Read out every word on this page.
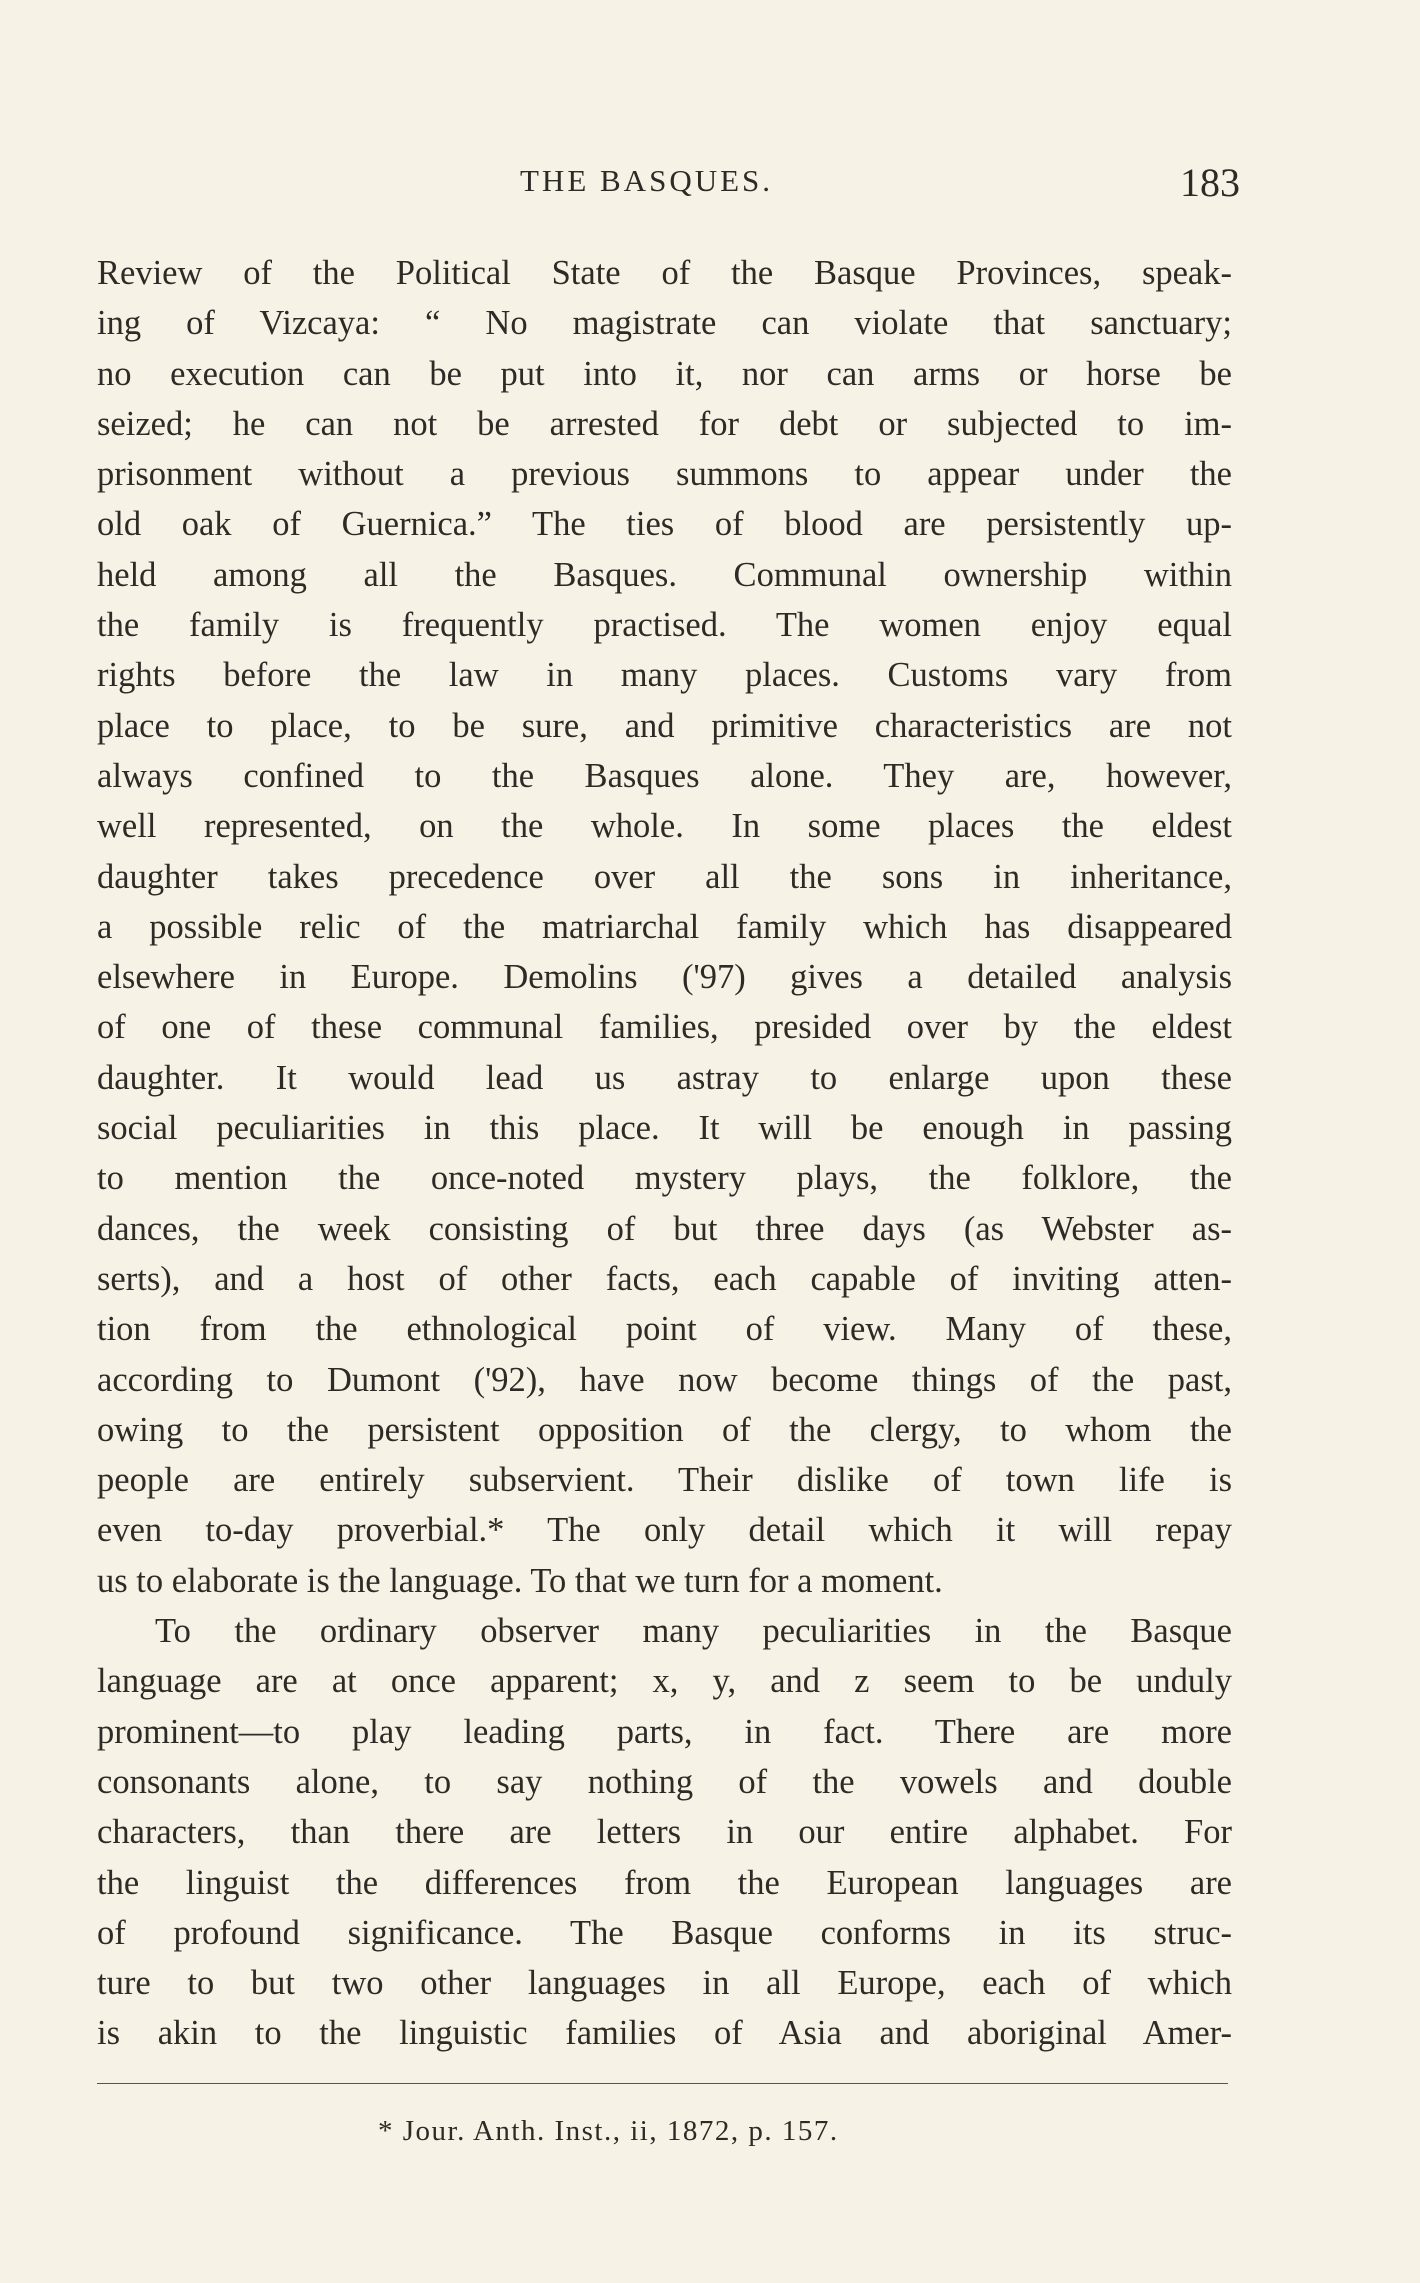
THE BASQUES.	183
Review of the Political State of the Basque Provinces, speak-
ing of Vizcaya: “ No magistrate can violate that sanctuary;
no execution can be put into it, nor can arms or horse be
seized; he can not be arrested for debt or subjected to im-
prisonment without a previous summons to appear under the
old oak of Guernica.” The ties of blood are persistently up-
held among all the Basques. Communal ownership within
the family is frequently practised. The women enjoy equal
rights before the law in many places. Customs vary from
place to place, to be sure, and primitive characteristics are not
always confined to the Basques alone. They are, however,
well represented, on the whole. In some places the eldest
daughter takes precedence over all the sons in inheritance,
a possible relic of the matriarchal family which has disappeared
elsewhere in Europe. Demolins ('97) gives a detailed analysis
of one of these communal families, presided over by the eldest
daughter. It would lead us astray to enlarge upon these
social peculiarities in this place. It will be enough in passing
to mention the once-noted mystery plays, the folklore, the
dances, the week consisting of but three days (as Webster as-
serts), and a host of other facts, each capable of inviting atten-
tion from the ethnological point of view. Many of these,
according to Dumont ('92), have now become things of the past,
owing to the persistent opposition of the clergy, to whom the
people are entirely subservient. Their dislike of town life is
even to-day proverbial.* The only detail which it will repay
us to elaborate is the language. To that we turn for a moment.
To the ordinary observer many peculiarities in the Basque
language are at once apparent; x, y, and z seem to be unduly
prominent—to play leading parts, in fact. There are more
consonants alone, to say nothing of the vowels and double
characters, than there are letters in our entire alphabet. For
the linguist the differences from the European languages are
of profound significance. The Basque conforms in its struc-
ture to but two other languages in all Europe, each of which
is akin to the linguistic families of Asia and aboriginal Amer-
* Jour. Anth. Inst., ii, 1872, p. 157.
